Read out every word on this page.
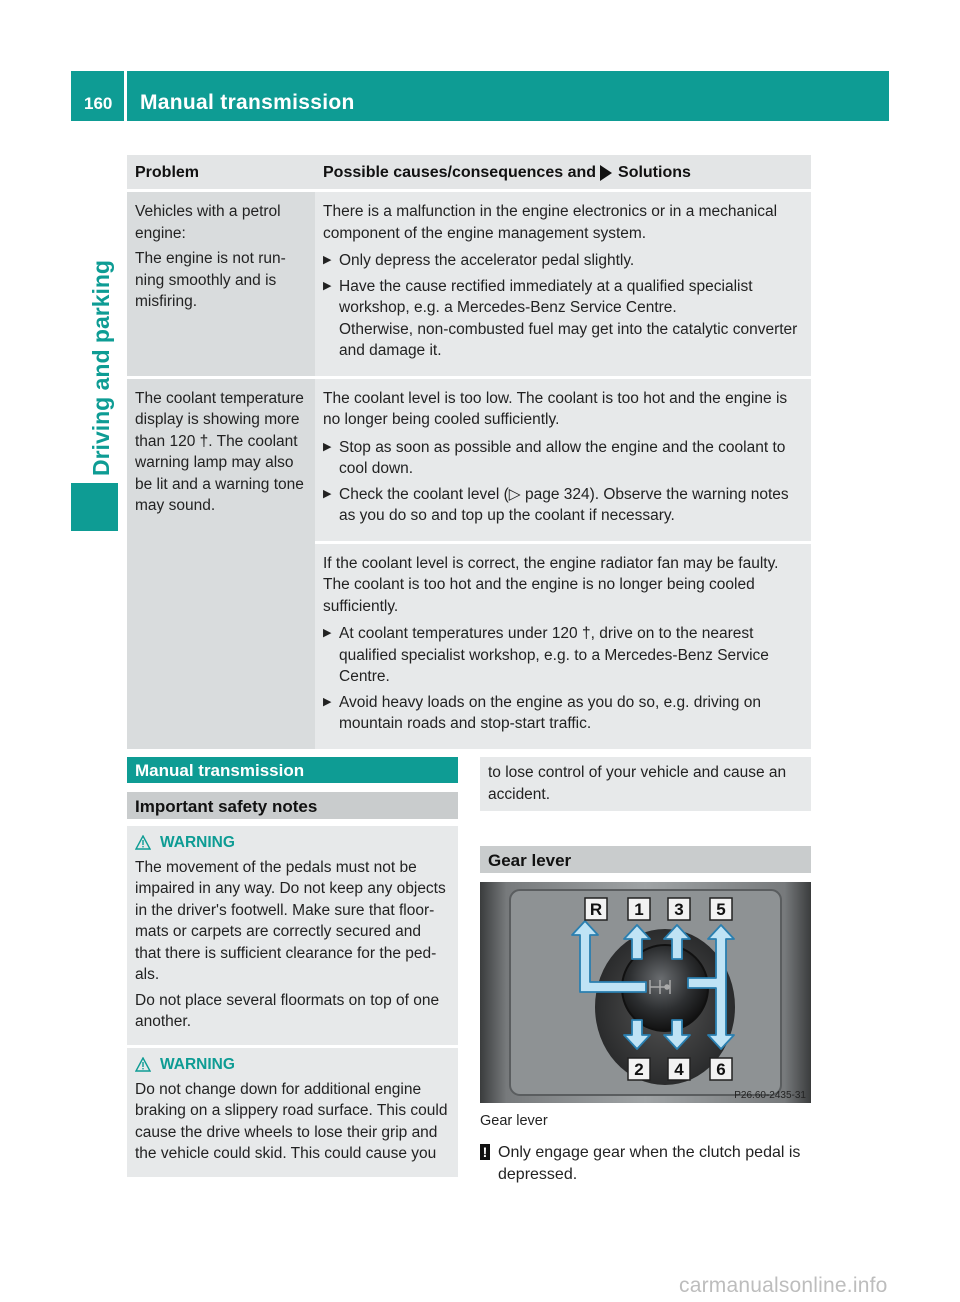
160 Manual transmission
Driving and parking
Problem	Possible causes/consequences and Solutions

Vehicles with a petrol engine:

The engine is not running smoothly and is misfiring.

There is a malfunction in the engine electronics or in a mechanical component of the engine management system.

▶ Only depress the accelerator pedal slightly.
▶ Have the cause rectified immediately at a qualified specialist workshop, e.g. a Mercedes-Benz Service Centre.
Otherwise, non-combusted fuel may get into the catalytic converter and damage it.

The coolant temperature display is showing more than 120 †. The coolant warning lamp may also be lit and a warning tone may sound.

The coolant level is too low. The coolant is too hot and the engine is no longer being cooled sufficiently.

▶ Stop as soon as possible and allow the engine and the coolant to cool down.
▶ Check the coolant level (▷ page 324). Observe the warning notes as you do so and top up the coolant if necessary.

If the coolant level is correct, the engine radiator fan may be faulty. The coolant is too hot and the engine is no longer being cooled sufficiently.

▶ At coolant temperatures under 120 †, drive on to the nearest qualified specialist workshop, e.g. to a Mercedes-Benz Service Centre.
▶ Avoid heavy loads on the engine as you do so, e.g. driving on mountain roads and stop-start traffic.
Manual transmission
Important safety notes
WARNING

The movement of the pedals must not be impaired in any way. Do not keep any objects in the driver's footwell. Make sure that floormats or carpets are correctly secured and that there is sufficient clearance for the pedals.

Do not place several floormats on top of one another.

WARNING

Do not change down for additional engine braking on a slippery road surface. This could cause the drive wheels to lose their grip and the vehicle could skid. This could cause you

to lose control of your vehicle and cause an accident.
Gear lever
R 1 3 5
2 4 6
P26.60-2435-31
Gear lever
! Only engage gear when the clutch pedal is depressed.
carmanualsonline.info
